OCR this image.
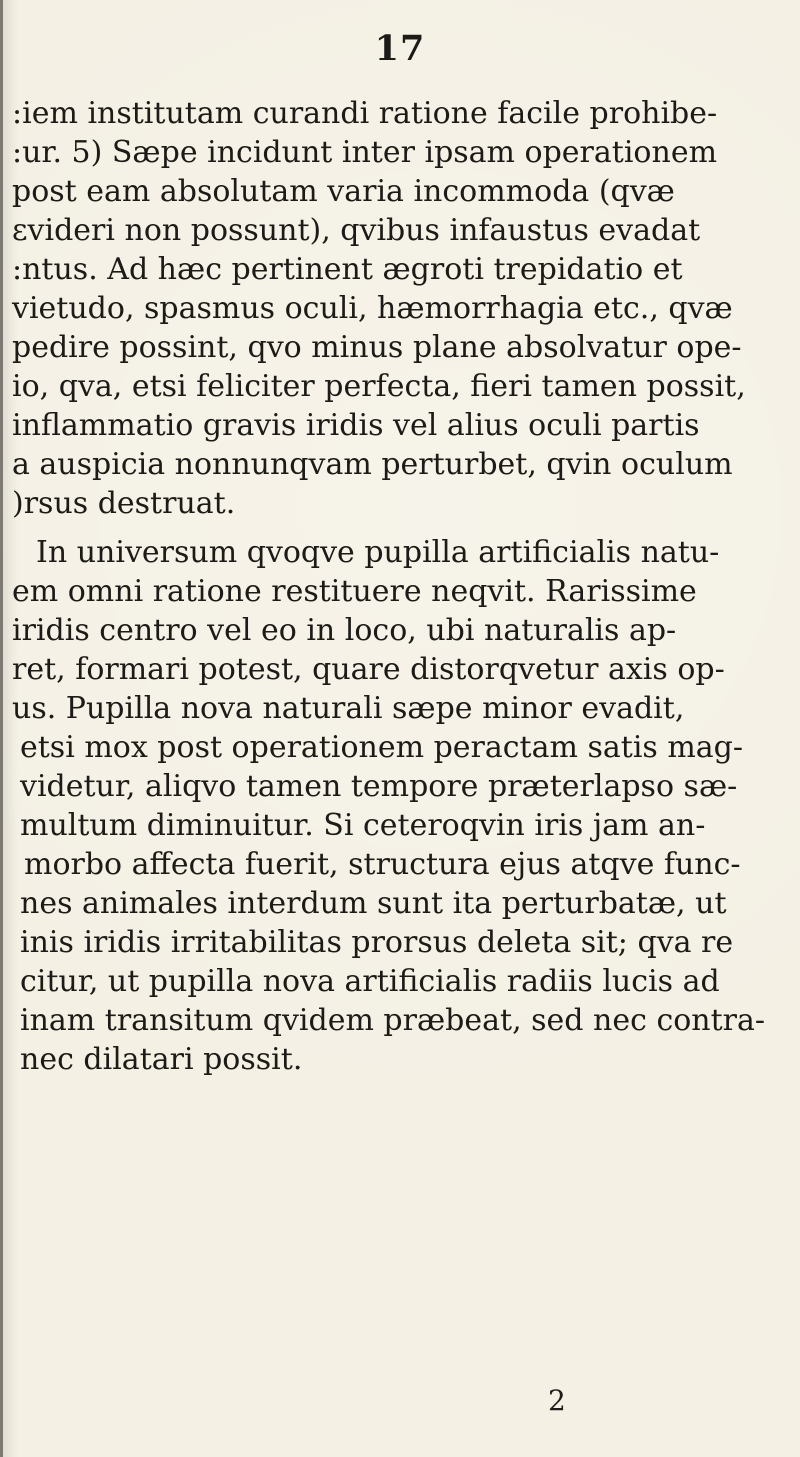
17
:iem institutam curandi ratione facile prohibe-
:ur. 5) Sæpe incidunt inter ipsam operationem
post eam absolutam varia incommoda (qvæ
εvideri non possunt), qvibus infaustus evadat
:ntus. Ad hæc pertinent ægroti trepidatio et
vietudo, spasmus oculi, hæmorrhagia etc., qvæ
pedire possint, qvo minus plane absolvatur ope-
io, qva, etsi feliciter perfecta, fieri tamen possit,
inflammatio gravis iridis vel alius oculi partis
a auspicia nonnunqvam perturbet, qvin oculum
)rsus destruat.
In universum qvoqve pupilla artificialis natu-
em omni ratione restituere neqvit. Rarissime
iridis centro vel eo in loco, ubi naturalis ap-
ret, formari potest, quare distorqvetur axis op-
us. Pupilla nova naturali sæpe minor evadit,
etsi mox post operationem peractam satis mag-
videtur, aliqvo tamen tempore præterlapso sæ-
multum diminuitur. Si ceteroqvin iris jam an-
morbo affecta fuerit, structura ejus atqve func-
nes animales interdum sunt ita perturbatæ, ut
inis iridis irritabilitas prorsus deleta sit; qva re
citur, ut pupilla nova artificialis radiis lucis ad
inam transitum qvidem præbeat, sed nec contra-
nec dilatari possit.
2
